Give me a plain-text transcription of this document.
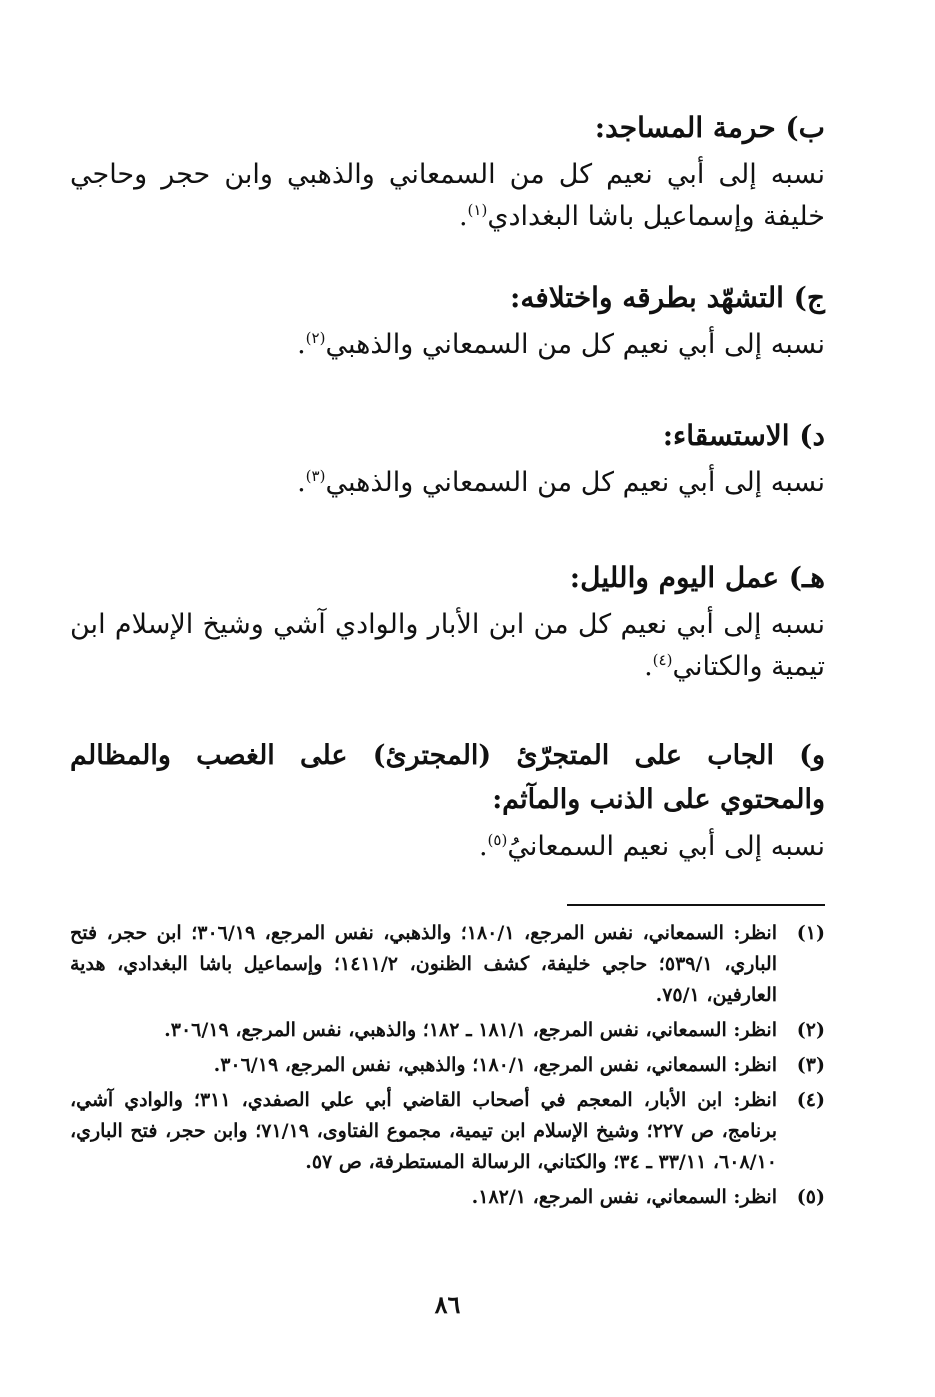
ب) حرمة المساجد:

نسبه إلى أبي نعيم كل من السمعاني والذهبي وابن حجر وحاجي خليفة وإسماعيل باشا البغدادي$^{(١)}$.

ج) التشهّد بطرقه واختلافه:

نسبه إلى أبي نعيم كل من السمعاني والذهبي$^{(٢)}$.

د) الاستسقاء:

نسبه إلى أبي نعيم كل من السمعاني والذهبي$^{(٣)}$.

هـ) عمل اليوم والليل:

نسبه إلى أبي نعيم كل من ابن الأبار والوادي آشي وشيخ الإسلام ابن تيمية والكتاني$^{(٤)}$.

و) الجاب على المتجرّئ (المجترئ) على الغصب والمظالم والمحتوي على الذنب والمآثم:

نسبه إلى أبي نعيم السمعانيُ$^{(٥)}$.

(١)
انظر: السمعاني، نفس المرجع، ١٨٠/١؛ والذهبي، نفس المرجع، ٣٠٦/١٩؛ ابن حجر، فتح الباري، ٥٣٩/١؛ حاجي خليفة، كشف الظنون، ١٤١١/٢؛ وإسماعيل باشا البغدادي، هدية العارفين، ٧٥/١.
(٢)
انظر: السمعاني، نفس المرجع، ١٨١/١ ـ ١٨٢؛ والذهبي، نفس المرجع، ٣٠٦/١٩.
(٣)
انظر: السمعاني، نفس المرجع، ١٨٠/١؛ والذهبي، نفس المرجع، ٣٠٦/١٩.
(٤)
انظر: ابن الأبار، المعجم في أصحاب القاضي أبي علي الصفدي، ٣١١؛ والوادي آشي، برنامج، ص ٢٢٧؛ وشيخ الإسلام ابن تيمية، مجموع الفتاوى، ٧١/١٩؛ وابن حجر، فتح الباري، ٦٠٨/١٠، ٣٣/١١ ـ ٣٤؛ والكتاني، الرسالة المستطرفة، ص ٥٧.
(٥)
انظر: السمعاني، نفس المرجع، ١٨٢/١.
٨٦
